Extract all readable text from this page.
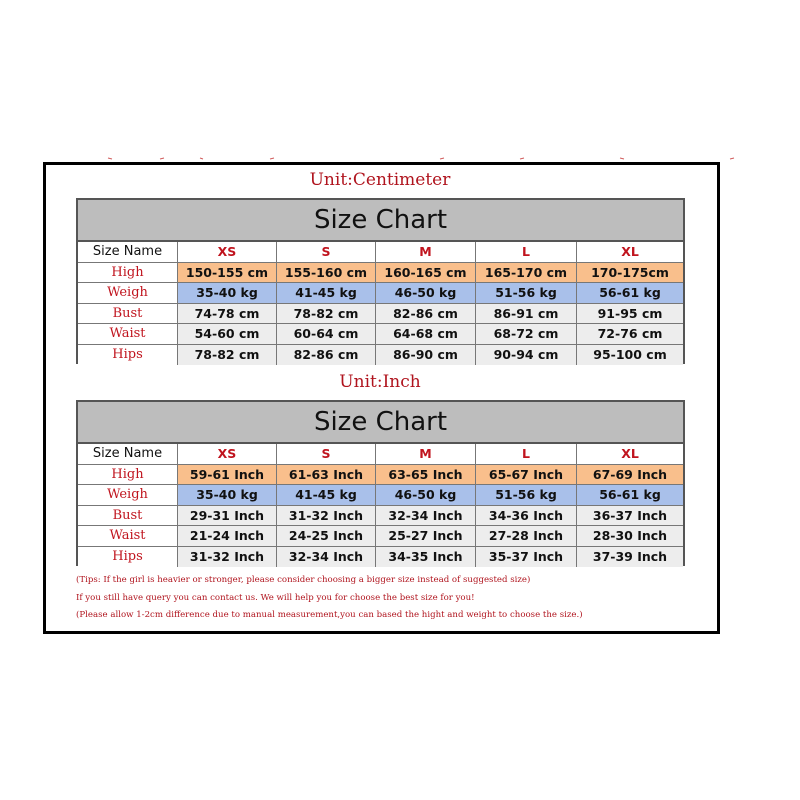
Unit:Centimeter
Size Chart
Size Name	XS	S	M	L	XL
High	150-155 cm	155-160 cm	160-165 cm	165-170 cm	170-175cm
Weigh	35-40 kg	41-45 kg	46-50 kg	51-56 kg	56-61 kg
Bust	74-78 cm	78-82 cm	82-86 cm	86-91 cm	91-95 cm
Waist	54-60 cm	60-64 cm	64-68 cm	68-72 cm	72-76 cm
Hips	78-82 cm	82-86 cm	86-90 cm	90-94 cm	95-100 cm
Unit:Inch
Size Chart
Size Name	XS	S	M	L	XL
High	59-61 Inch	61-63 Inch	63-65 Inch	65-67 Inch	67-69 Inch
Weigh	35-40 kg	41-45 kg	46-50 kg	51-56 kg	56-61 kg
Bust	29-31 Inch	31-32 Inch	32-34 Inch	34-36 Inch	36-37 Inch
Waist	21-24 Inch	24-25 Inch	25-27 Inch	27-28 Inch	28-30 Inch
Hips	31-32 Inch	32-34 Inch	34-35 Inch	35-37 Inch	37-39 Inch
(Tips: If the girl is heavier or stronger, please consider choosing a bigger size instead of suggested size)
If you still have query you can contact us. We will help you for choose the best size for you!
(Please allow 1-2cm difference due to manual measurement,you can based the hight and weight to choose the size.)
